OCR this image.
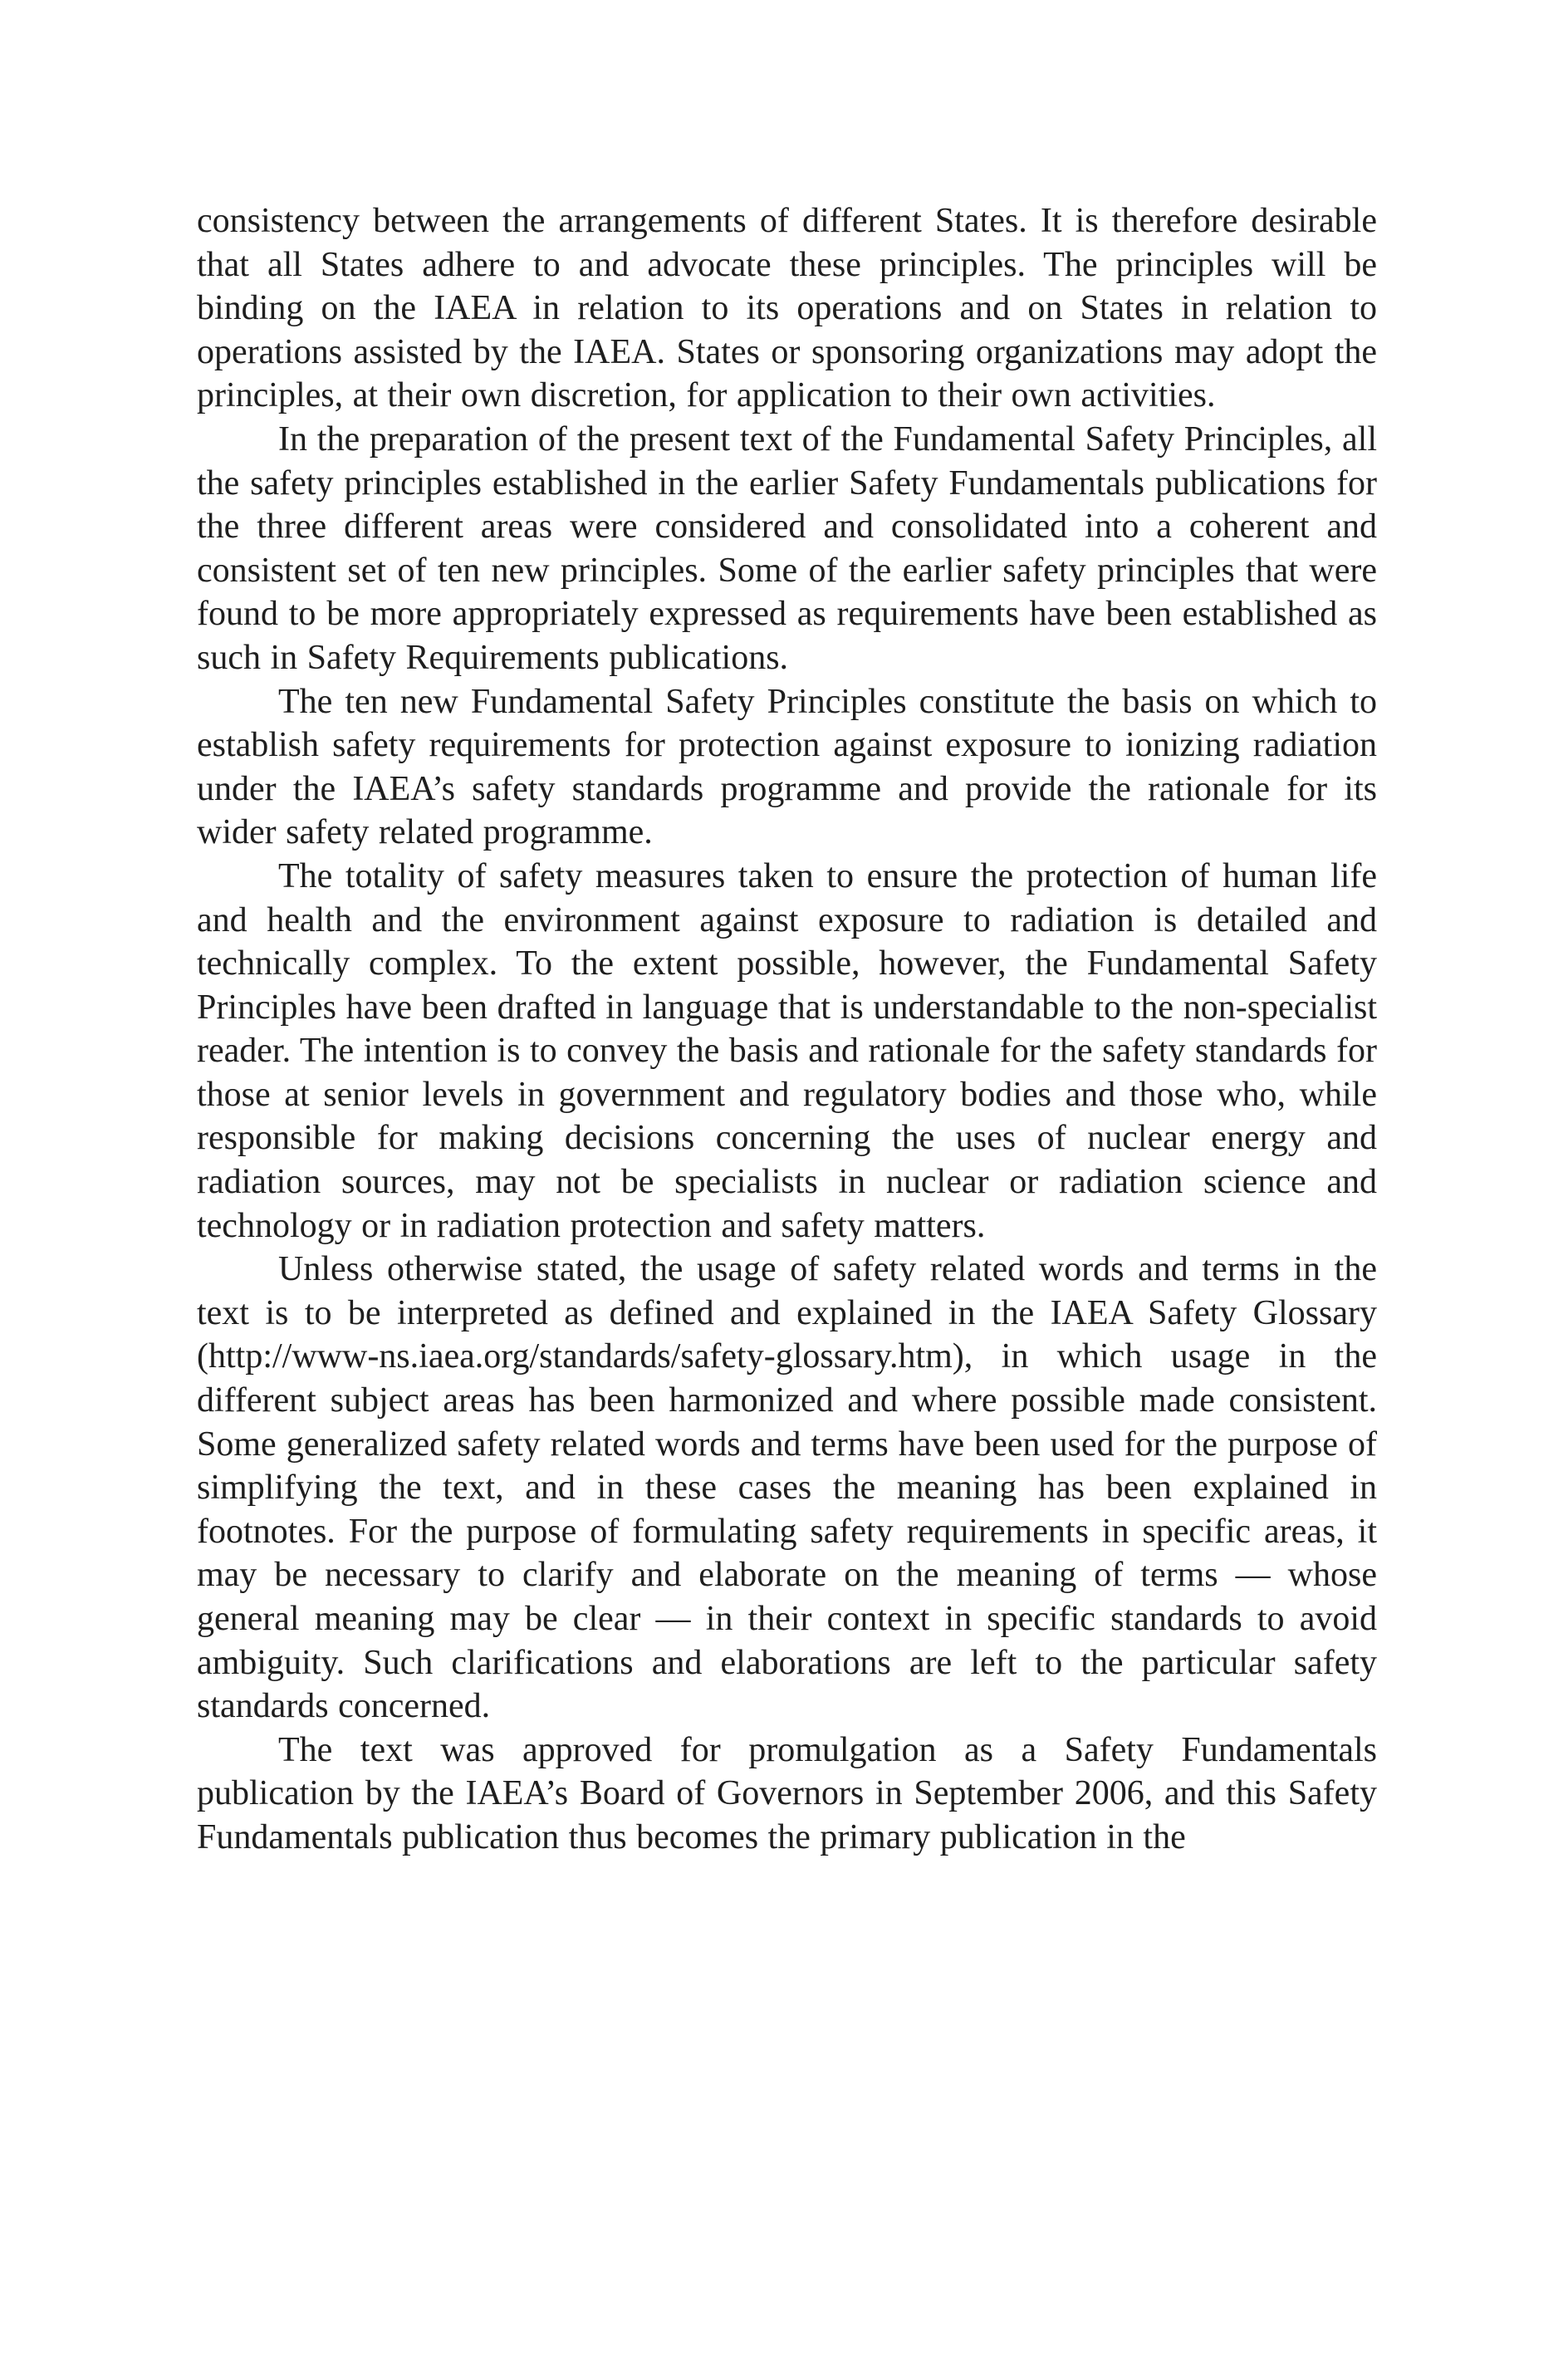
consistency between the arrangements of different States. It is therefore desirable that all States adhere to and advocate these principles. The principles will be binding on the IAEA in relation to its operations and on States in relation to operations assisted by the IAEA. States or sponsoring organizations may adopt the principles, at their own discretion, for application to their own activities.

In the preparation of the present text of the Fundamental Safety Principles, all the safety principles established in the earlier Safety Fundamentals publications for the three different areas were considered and consolidated into a coherent and consistent set of ten new principles. Some of the earlier safety principles that were found to be more appropriately expressed as requirements have been established as such in Safety Requirements publications.

The ten new Fundamental Safety Principles constitute the basis on which to establish safety requirements for protection against exposure to ionizing radiation under the IAEA’s safety standards programme and provide the rationale for its wider safety related programme.

The totality of safety measures taken to ensure the protection of human life and health and the environment against exposure to radiation is detailed and technically complex. To the extent possible, however, the Fundamental Safety Principles have been drafted in language that is understandable to the non-specialist reader. The intention is to convey the basis and rationale for the safety standards for those at senior levels in government and regulatory bodies and those who, while responsible for making decisions concerning the uses of nuclear energy and radiation sources, may not be specialists in nuclear or radiation science and technology or in radiation protection and safety matters.

Unless otherwise stated, the usage of safety related words and terms in the text is to be interpreted as defined and explained in the IAEA Safety Glossary (http://www-ns.iaea.org/standards/safety-glossary.htm), in which usage in the different subject areas has been harmonized and where possible made consistent. Some generalized safety related words and terms have been used for the purpose of simplifying the text, and in these cases the meaning has been explained in footnotes. For the purpose of formulating safety requirements in specific areas, it may be necessary to clarify and elaborate on the meaning of terms — whose general meaning may be clear — in their context in specific standards to avoid ambiguity. Such clarifications and elaborations are left to the particular safety standards concerned.

The text was approved for promulgation as a Safety Fundamentals publication by the IAEA’s Board of Governors in September 2006, and this Safety Fundamentals publication thus becomes the primary publication in the
